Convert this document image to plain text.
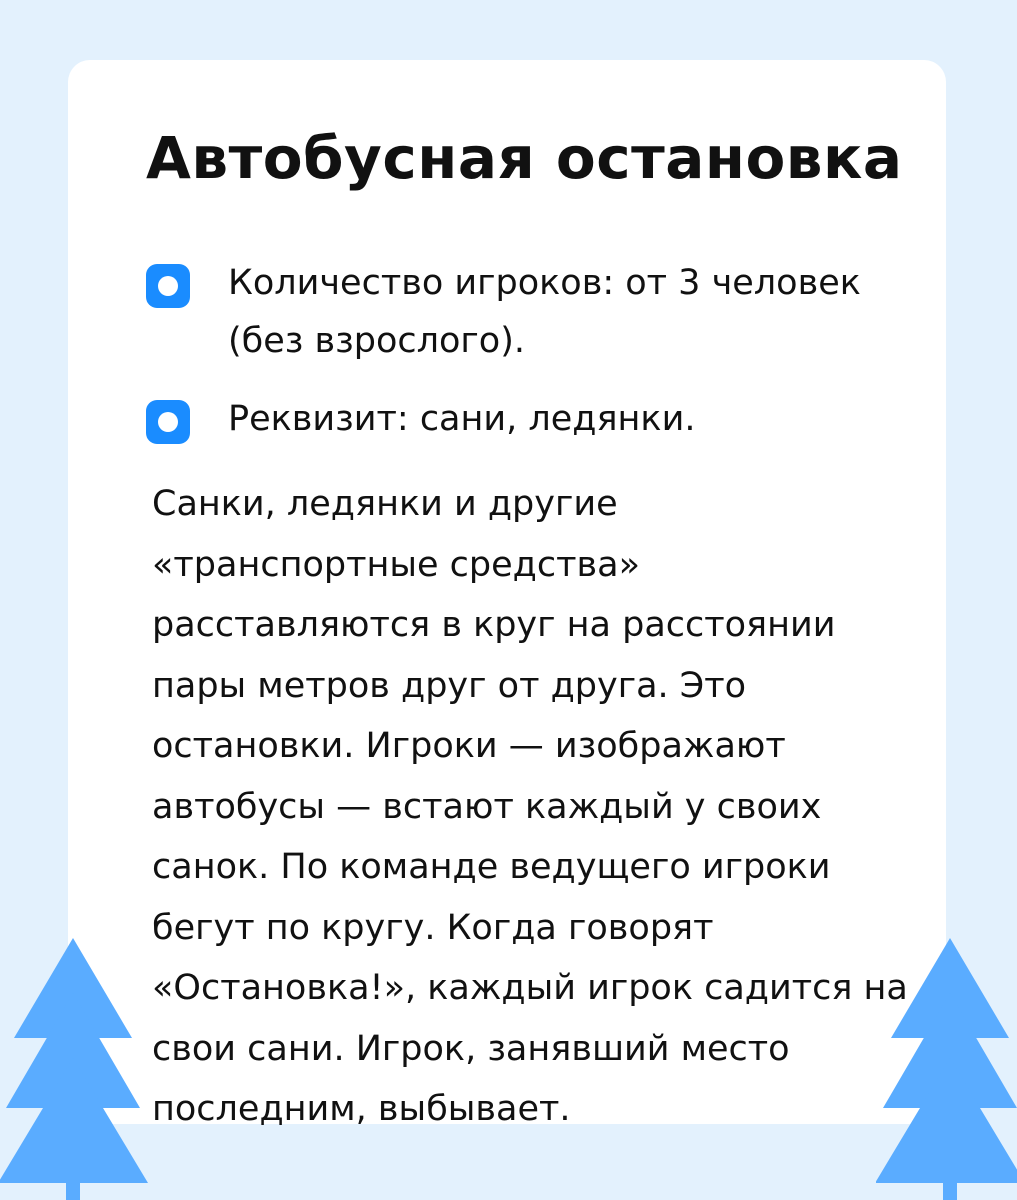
Автобусная остановка

Количество игроков: от 3 человек (без взрослого).

Реквизит: сани, ледянки.

Санки, ледянки и другие «транспортные средства» расставляются в круг на расстоянии пары метров друг от друга. Это остановки. Игроки — изображают автобусы — встают каждый у своих санок. По команде ведущего игроки бегут по кругу. Когда говорят «Остановка!», каждый игрок садится на свои сани. Игрок, занявший место последним, выбывает.
